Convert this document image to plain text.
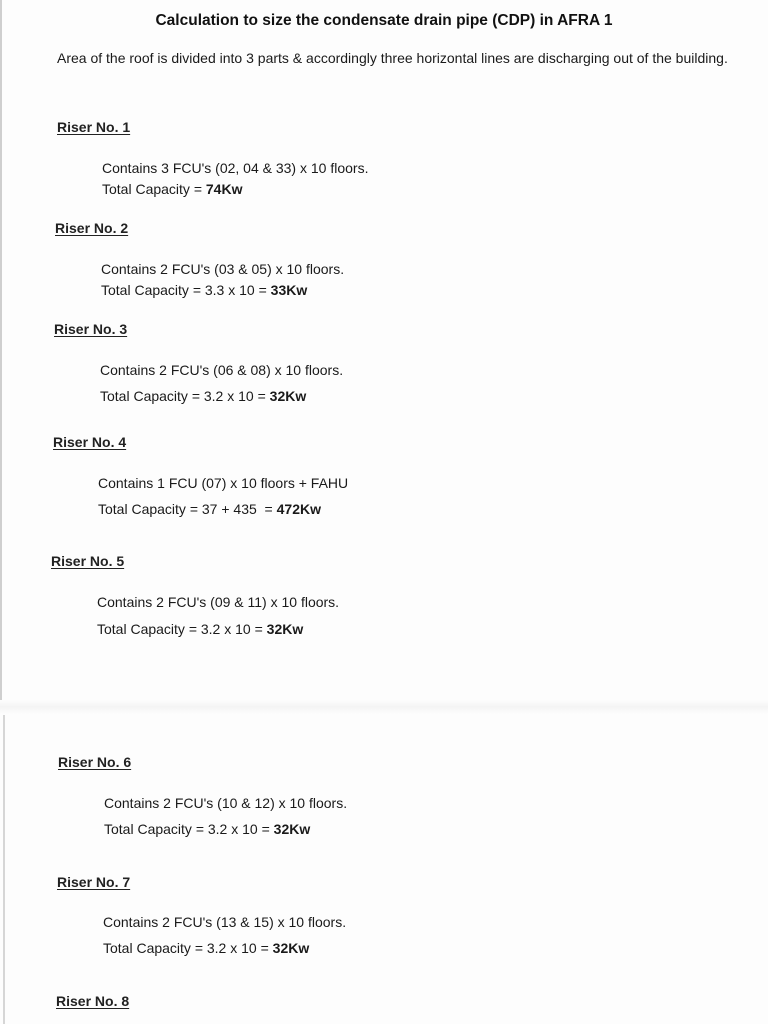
Calculation to size the condensate drain pipe (CDP) in AFRA 1
Area of the roof is divided into 3 parts & accordingly three horizontal lines are discharging out of the building.
Riser No. 1
Contains 3 FCU's (02, 04 & 33) x 10 floors.
Total Capacity = 74Kw
Riser No. 2
Contains 2 FCU's (03 & 05) x 10 floors.
Total Capacity = 3.3 x 10 = 33Kw
Riser No. 3
Contains 2 FCU's (06 & 08) x 10 floors.
Total Capacity = 3.2 x 10 = 32Kw
Riser No. 4
Contains 1 FCU (07) x 10 floors + FAHU
Total Capacity = 37 + 435  = 472Kw
Riser No. 5
Contains 2 FCU's (09 & 11) x 10 floors.
Total Capacity = 3.2 x 10 = 32Kw
Riser No. 6
Contains 2 FCU's (10 & 12) x 10 floors.
Total Capacity = 3.2 x 10 = 32Kw
Riser No. 7
Contains 2 FCU's (13 & 15) x 10 floors.
Total Capacity = 3.2 x 10 = 32Kw
Riser No. 8
